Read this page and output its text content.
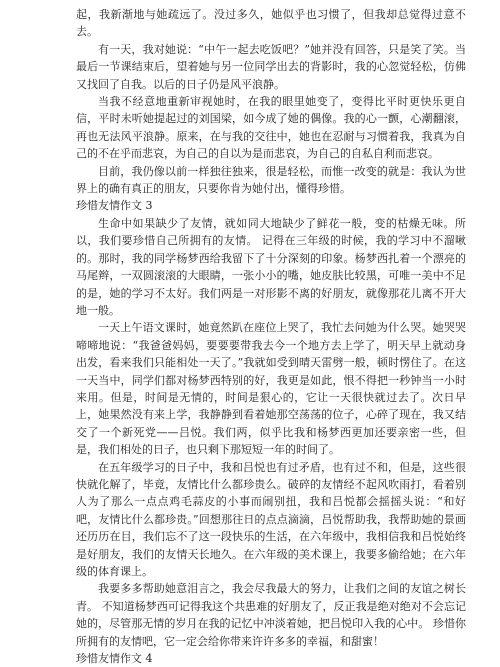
起，我新渐地与她疏远了。没过多久，她似乎也习惯了，但我却总觉得过意不去。

有一天，我对她说：“中午一起去吃饭吧？”她并没有回答，只是笑了笑。当最后一节课结束后，望着她与另一位同学出去的背影时，我的心忽觉轻松，仿佛又找回了自我。以后的日子仍是风平浪静。

当我不经意地重新审视她时，在我的眼里她变了，变得比平时更快乐更自信，平时未听她提起过的刘国梁，如今成了她的偶像。我的心一颤，心潮翻滚，再也无法风平浪静。原来，在与我的交往中，她也在忍耐与习惯着我，我真为自己的不在乎而悲哀，为自己的自以为是而悲哀，为自己的自私自利而悲哀。

目前，我仍像以前一样独往独来，很是轻松，而惟一改变的就是：我认为世界上的确有真正的朋友，只要你肯为她付出，懂得珍惜。

珍惜友情作文 3

生命中如果缺少了友情，就如同大地缺少了鲜花一般，变的枯燥无味。所以，我们要珍惜自己所拥有的友情。 记得在三年级的时候，我的学习中不溜啾的。那时，我的同学杨梦西给我留下了十分深刻的印象。杨梦西扎着一个漂亮的马尾辫，一双圆滚滚的大眼睛，一张小小的嘴，她皮肤比较黑，可唯一美中不足的是，她的学习不太好。我们两是一对形影不离的好朋友，就像那花儿离不开大地一般。

一天上午语文课时，她竟然趴在座位上哭了，我忙去问她为什么哭。她哭哭啼啼地说：“我爸爸妈妈，要要要带我去今一个地方去上学了，明天早上就动身出发，看来我们只能相处一天了。”我就如受到晴天雷劈一般，顿时愣住了。在这一天当中，同学们都对杨梦西特别的好，我更是如此，恨不得把一秒钟当一小时来用。但是，时间是无情的，时间是狠心的，它让一天很快就过去了。次日早上，她果然没有来上学，我静静到看着她那空荡荡的位子，心碎了现在，我又结交了一个新死党——吕悦。我们两，似乎比我和杨梦西更加还要亲密一些，但是，我们相处的日子，也只剩下那短短一年的时间了。

在五年级学习的日子中，我和吕悦也有过矛盾，也有过不和，但是，这些很快就化解了，毕竟，友情比什么都珍贵么。破碎的友情经不起风吹雨打，看着别人为了那么一点点鸡毛蒜皮的小事而闹别扭，我和吕悦都会摇摇头说：“和好吧，友情比什么都珍贵。”回想那往日的点点滴滴，吕悦帮助我，我帮助她的景画还历历在目，我们忘不了这一段快乐的生活，在六年级中，我相信我和吕悦始终是好朋友，我们的友情天长地久。在六年级的美术课上，我要多偷给她；在六年级的体育课上。

我要多多帮助她意泪言之，我会尽我最大的努力，让我们之间的友谊之树长青。 不知道杨梦西可记得我这个共患难的好朋友了，反正我是绝对绝对不会忘记她的，尽管那无情的岁月在我的记忆中冲淡着她，把吕悦印入我的心中。 珍惜你所拥有的友情吧，它一定会给你带来许许多多的幸福，和甜蜜！

珍惜友情作文 4
